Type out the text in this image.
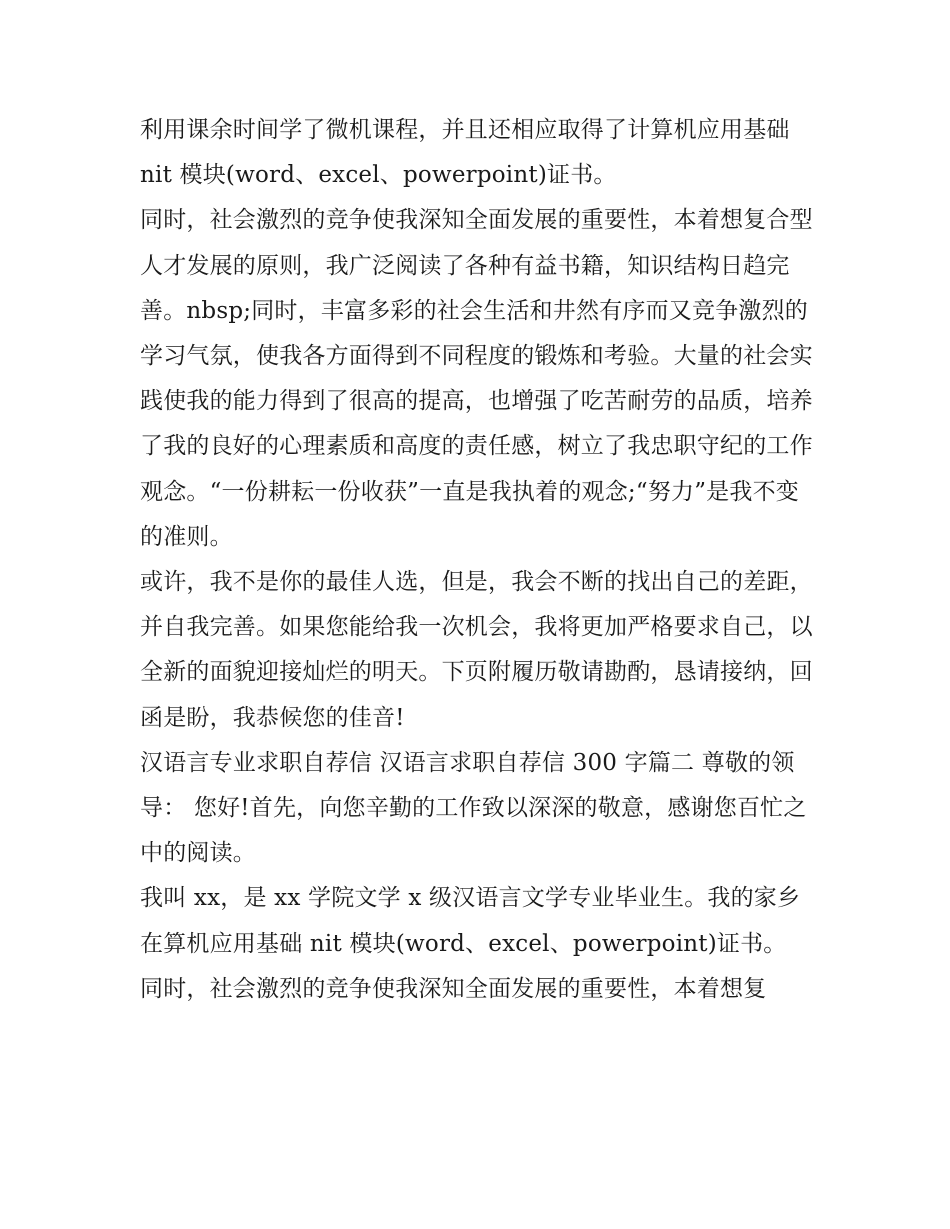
利用课余时间学了微机课程，并且还相应取得了计算机应用基础 nit 模块(word、excel、powerpoint)证书。

同时，社会激烈的竞争使我深知全面发展的重要性，本着想复合型人才发展的原则，我广泛阅读了各种有益书籍，知识结构日趋完善。nbsp;同时，丰富多彩的社会生活和井然有序而又竞争激烈的学习气氛，使我各方面得到不同程度的锻炼和考验。大量的社会实践使我的能力得到了很高的提高，也增强了吃苦耐劳的品质，培养了我的良好的心理素质和高度的责任感，树立了我忠职守纪的工作观念。“一份耕耘一份收获”一直是我执着的观念;“努力”是我不变的准则。

或许，我不是你的最佳人选，但是，我会不断的找出自己的差距，并自我完善。如果您能给我一次机会，我将更加严格要求自己，以全新的面貌迎接灿烂的明天。下页附履历敬请勘酌，恳请接纳，回函是盼，我恭候您的佳音!

汉语言专业求职自荐信 汉语言求职自荐信 300 字篇二 尊敬的领导： 您好!首先，向您辛勤的工作致以深深的敬意，感谢您百忙之中的阅读。

我叫 xx，是 xx 学院文学 x 级汉语言文学专业毕业生。我的家乡在算机应用基础 nit 模块(word、excel、powerpoint)证书。

同时，社会激烈的竞争使我深知全面发展的重要性，本着想复
